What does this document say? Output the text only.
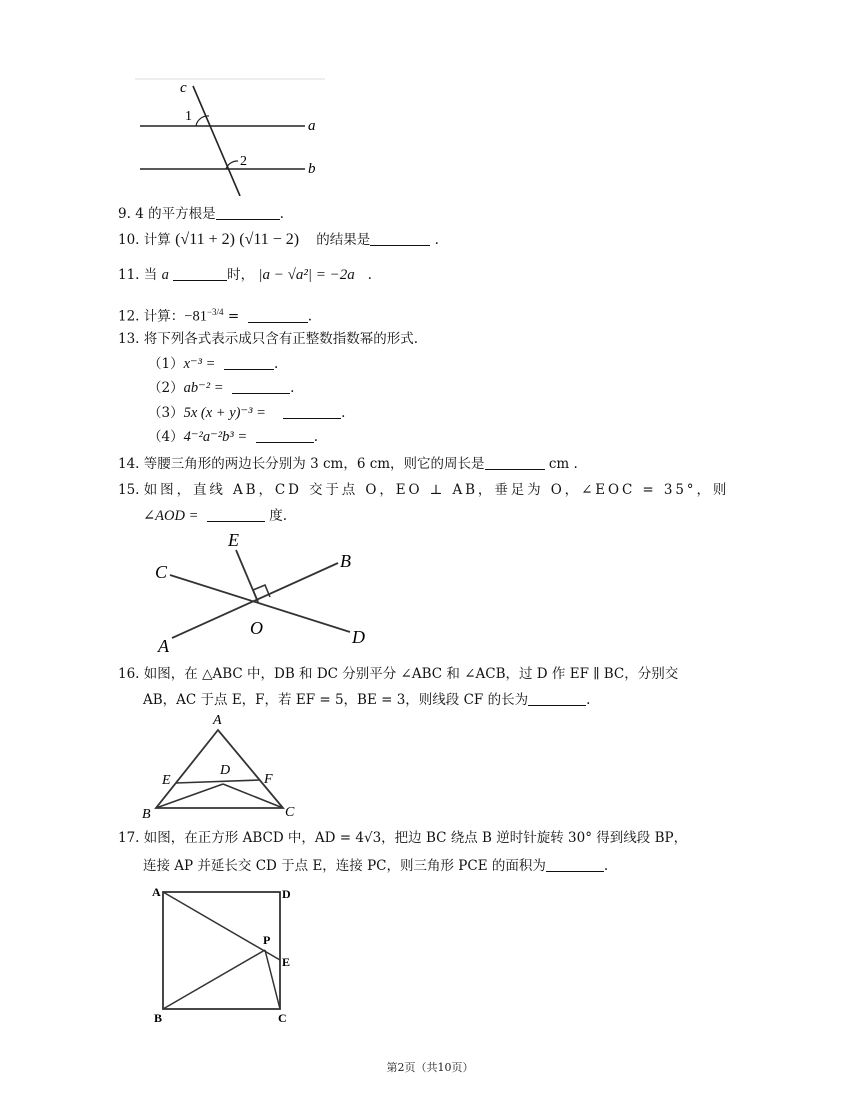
c
1
2
a
b
9. 4 的平方根是	.
10. 计算 (√11 + 2) (√11 − 2) 的结果是	.
11. 当 a	时， |a − √a²| = −2a .
12. 计算：$-81^{-3/4}$ =	.
13. 将下列各式表示成只含有正整数指数幂的形式.
（1）x⁻³ =	.
（2）ab⁻² =	.
（3）5x (x + y)⁻³ =	.
（4）4⁻²a⁻²b³ =	.
14. 等腰三角形的两边长分别为 3 cm，6 cm，则它的周长是	cm .
15. 如图，直线 AB，CD 交于点 O，EO ⊥ AB，垂足为 O，∠EOC = 35°，则
∠AOD =	度.
E
B
C
O
A	D
16. 如图，在 △ABC 中，DB 和 DC 分别平分 ∠ABC 和 ∠ACB，过 D 作 EF ∥ BC，分别交
AB，AC 于点 E，F，若 EF = 5，BE = 3，则线段 CF 的长为	.
A
E
D
F
B	C
17. 如图，在正方形 ABCD 中，AD = 4√3，把边 BC 绕点 B 逆时针旋转 30° 得到线段 BP，
连接 AP 并延长交 CD 于点 E，连接 PC，则三角形 PCE 的面积为	.
A	D
P
E
B	C
第2页（共10页）
